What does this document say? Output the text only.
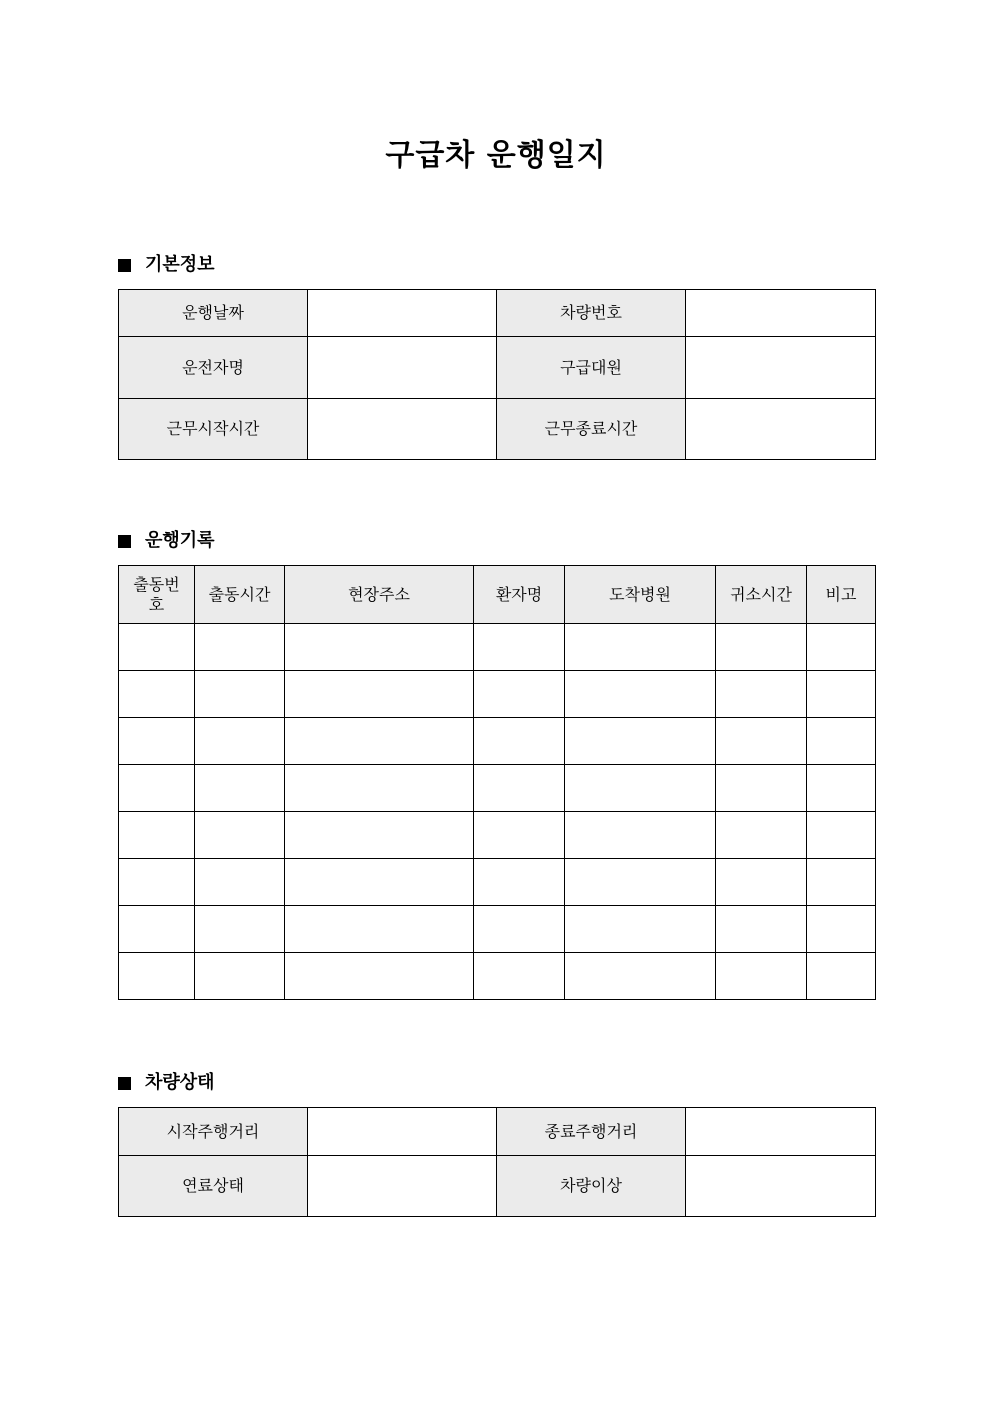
구급차 운행일지
기본정보
운행날짜		차량번호	
운전자명		구급대원	
근무시작시간		근무종료시간	
운행기록
출동번호	출동시간	현장주소	환자명	도착병원	귀소시간	비고

차량상태
시작주행거리		종료주행거리	
연료상태		차량이상	
